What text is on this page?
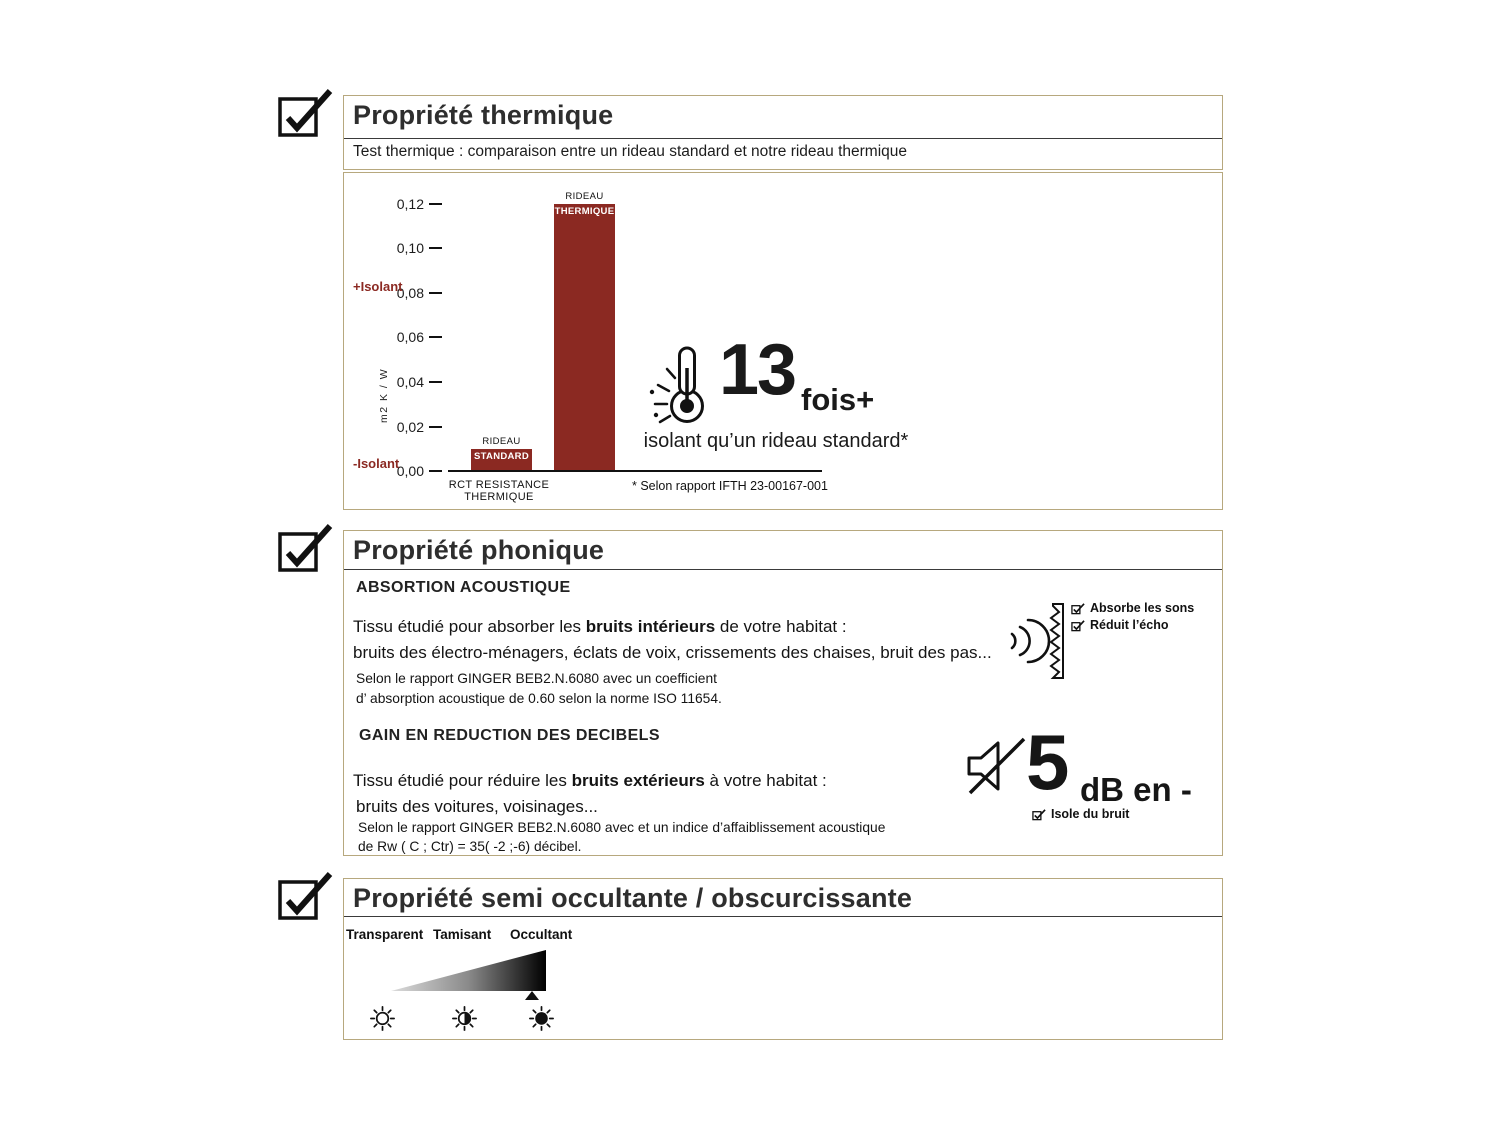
Propriété thermique
Test thermique : comparaison entre un rideau standard et notre rideau thermique
m2 K / W
0,12
0,10
0,08
0,06
0,04
0,02
0,00
+Isolant
-Isolant
RIDEAU
STANDARD
RIDEAU
THERMIQUE
RCT RESISTANCE THERMIQUE
* Selon rapport IFTH 23-00167-001
13 fois+
isolant qu’un rideau standard*
Propriété phonique
ABSORTION ACOUSTIQUE
Tissu étudié pour absorber les bruits intérieurs de votre habitat :
bruits des électro-ménagers, éclats de voix, crissements des chaises, bruit des pas...
Selon le rapport GINGER BEB2.N.6080 avec un coefficient
d’ absorption acoustique de 0.60 selon la norme ISO 11654.
Absorbe les sons
Réduit l’écho
GAIN EN REDUCTION DES DECIBELS
Tissu étudié pour réduire les bruits extérieurs à votre habitat :
bruits des voitures, voisinages...
Selon le rapport GINGER BEB2.N.6080 avec et un indice d’affaiblissement acoustique
de Rw ( C ; Ctr) = 35( -2 ;-6) décibel.
5 dB en -
Isole du bruit
Propriété semi occultante / obscurcissante
Transparent Tamisant Occultant
